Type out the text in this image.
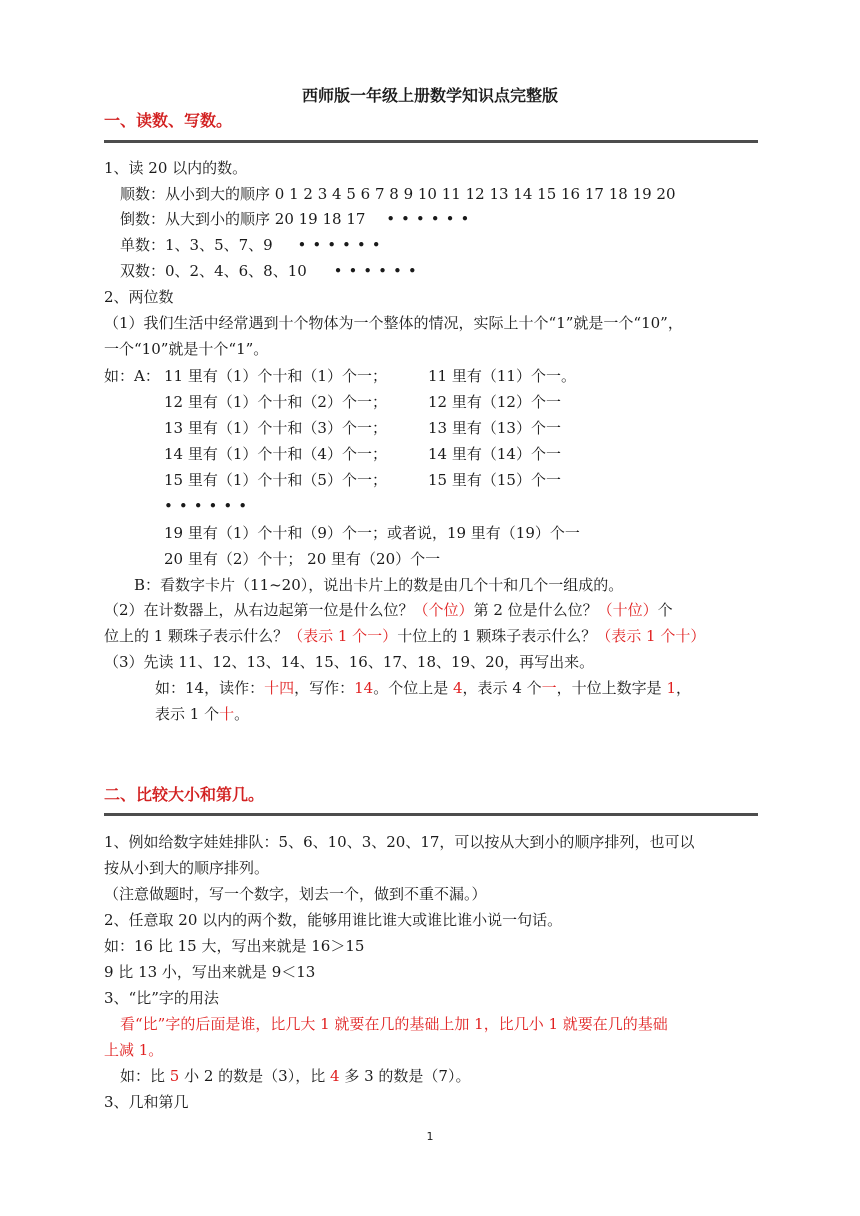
西师版一年级上册数学知识点完整版
一、读数、写数。
1、读 20 以内的数。
顺数：从小到大的顺序 0 1 2 3 4 5 6 7 8 9 10 11 12 13 14 15 16 17 18 19 20
倒数：从大到小的顺序 20 19 18 17 ••••••
单数：1、3、5、7、9 ••••••
双数：0、2、4、6、8、10 ••••••
2、两位数
（1）我们生活中经常遇到十个物体为一个整体的情况，实际上十个“1”就是一个“10”，
一个“10”就是十个“1”。
如：A： 11 里有（1）个十和（1）个一；	11 里有（11）个一。
12 里有（1）个十和（2）个一；	12 里有（12）个一
13 里有（1）个十和（3）个一；	13 里有（13）个一
14 里有（1）个十和（4）个一；	14 里有（14）个一
15 里有（1）个十和（5）个一；	15 里有（15）个一
••••••
19 里有（1）个十和（9）个一；或者说，19 里有（19）个一
20 里有（2）个十； 20 里有（20）个一
B：看数字卡片（11~20），说出卡片上的数是由几个十和几个一组成的。
（2）在计数器上，从右边起第一位是什么位？（个位）第 2 位是什么位？（十位）个
位上的 1 颗珠子表示什么？（表示 1 个一）十位上的 1 颗珠子表示什么？（表示 1 个十）
（3）先读 11、12、13、14、15、16、17、18、19、20，再写出来。
如：14，读作：十四，写作：14。个位上是 4，表示 4 个一，十位上数字是 1，
表示 1 个十。
二、比较大小和第几。
1、例如给数字娃娃排队：5、6、10、3、20、17，可以按从大到小的顺序排列，也可以
按从小到大的顺序排列。
（注意做题时，写一个数字，划去一个，做到不重不漏。）
2、任意取 20 以内的两个数，能够用谁比谁大或谁比谁小说一句话。
如：16 比 15 大，写出来就是 16＞15
9 比 13 小，写出来就是 9＜13
3、“比”字的用法
看“比”字的后面是谁，比几大 1 就要在几的基础上加 1，比几小 1 就要在几的基础
上减 1。
如：比 5 小 2 的数是（3），比 4 多 3 的数是（7）。
3、几和第几
1
